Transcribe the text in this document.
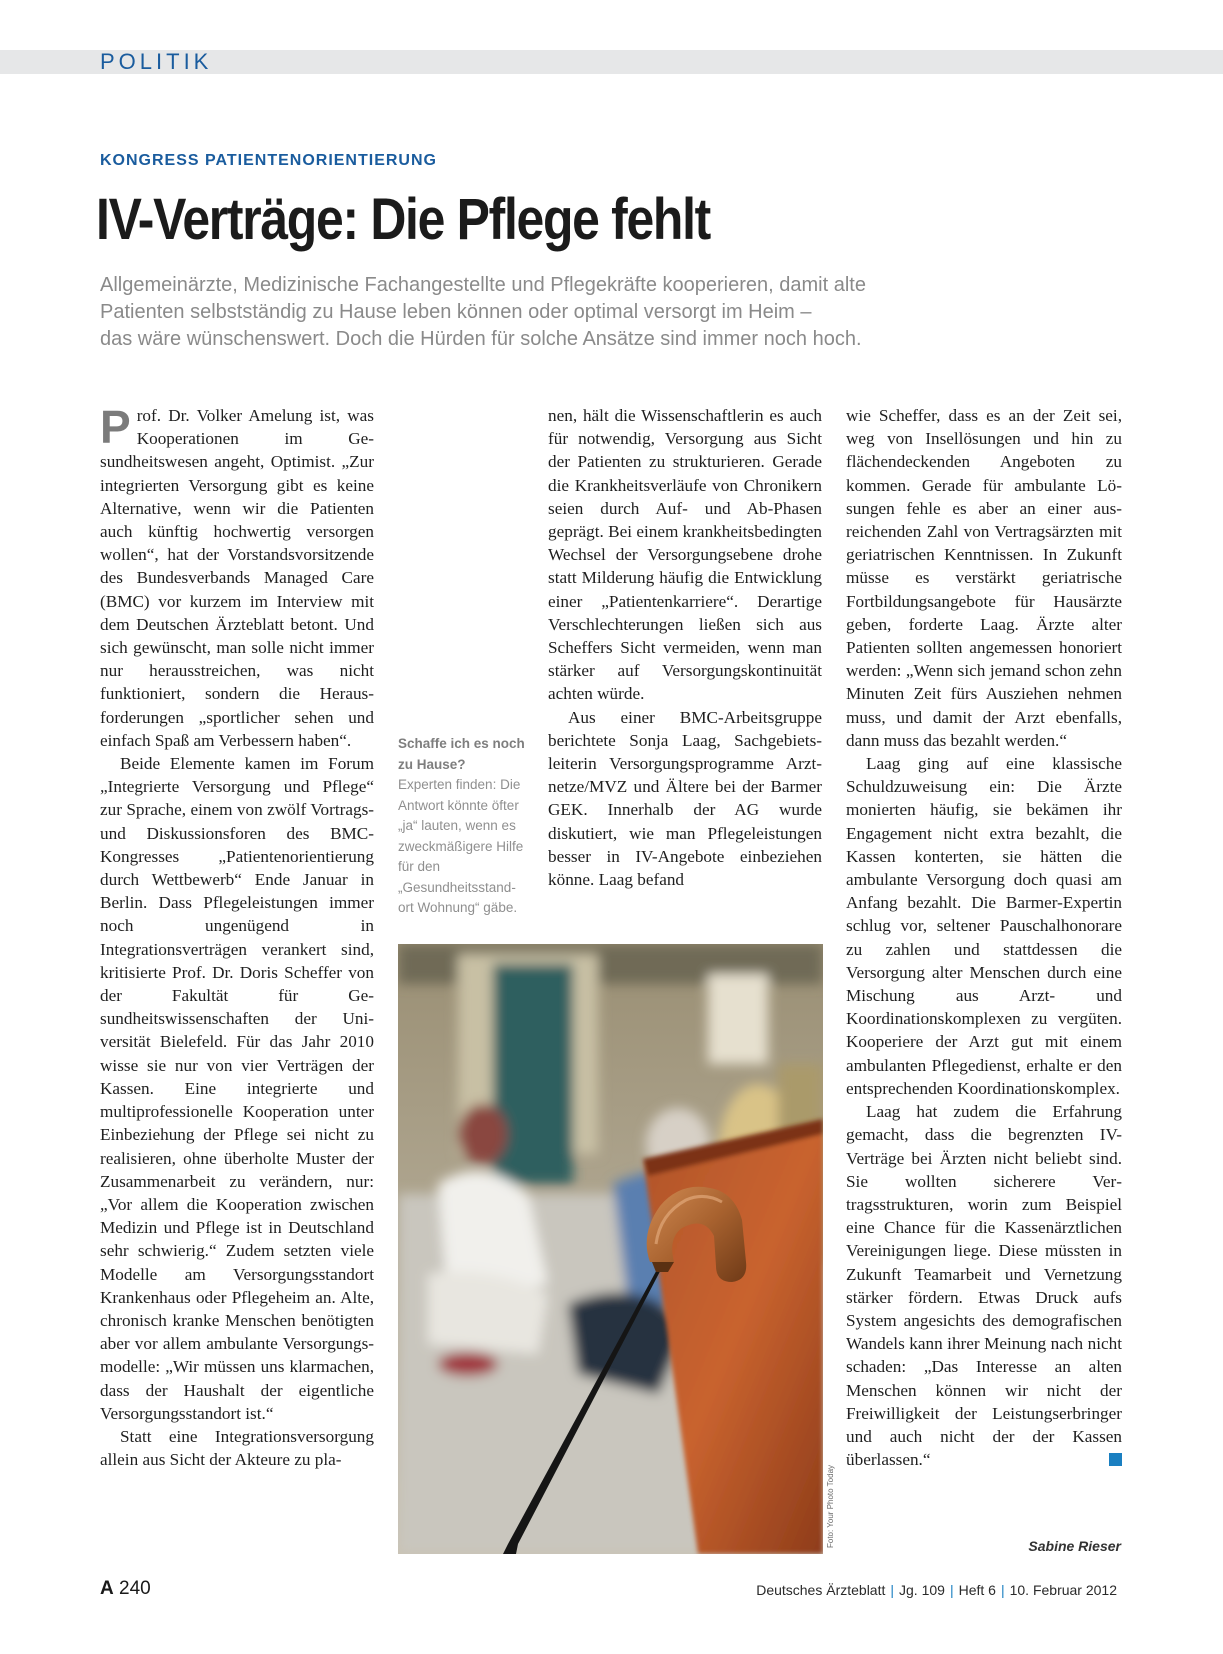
POLITIK
KONGRESS PATIENTENORIENTIERUNG
IV-Verträge: Die Pflege fehlt
Allgemeinärzte, Medizinische Fachangestellte und Pflegekräfte kooperieren, damit alte
Patienten selbstständig zu Hause leben können oder optimal versorgt im Heim –
das wäre wünschenswert. Doch die Hürden für solche Ansätze sind immer noch hoch.

Prof. Dr. Volker Amelung ist, was Kooperationen im Gesundheitswesen angeht, Optimist. „Zur integrierten Versorgung gibt es keine Alternative, wenn wir die Patienten auch künftig hochwertig versorgen wollen“, hat der Vorstandsvorsitzende des Bundesverbands Managed Care (BMC) vor kurzem im Interview mit dem Deutschen Ärzteblatt betont. Und sich gewünscht, man solle nicht immer nur herausstreichen, was nicht funktioniert, sondern die Herausforderungen „sportlicher sehen und einfach Spaß am Verbessern haben“.

Beide Elemente kamen im Forum „Integrierte Versorgung und Pflege“ zur Sprache, einem von zwölf Vortrags- und Diskussionsforen des BMC-Kongresses „Patientenorientierung durch Wettbewerb“ Ende Januar in Berlin. Dass Pflegeleistungen immer noch ungenügend in Integrationsverträgen verankert sind, kritisierte Prof. Dr. Doris Scheffer von der Fakultät für Gesundheitswissenschaften der Universität Bielefeld. Für das Jahr 2010 wisse sie nur von vier Verträgen der Kassen. Eine integrierte und multiprofessionelle Kooperation unter Einbeziehung der Pflege sei nicht zu realisieren, ohne überholte Muster der Zusammenarbeit zu verändern, nur: „Vor allem die Kooperation zwischen Medizin und Pflege ist in Deutschland sehr schwierig.“ Zudem setzten viele Modelle am Versorgungsstandort Krankenhaus oder Pflegeheim an. Alte, chronisch kranke Menschen benötigten aber vor allem ambulante Versorgungsmodelle: „Wir müssen uns klarmachen, dass der Haushalt der eigentliche Versorgungsstandort ist.“

Statt eine Integrationsversorgung allein aus Sicht der Akteure zu pla-

nen, hält die Wissenschaftlerin es auch für notwendig, Versorgung aus Sicht der Patienten zu strukturieren. Gerade die Krankheitsverläufe von Chronikern seien durch Auf- und Ab-Phasen geprägt. Bei einem krankheitsbedingten Wechsel der Versorgungsebene drohe statt Milderung häufig die Entwicklung einer „Patientenkarriere“. Derartige Verschlechterungen ließen sich aus Scheffers Sicht vermeiden, wenn man stärker auf Versorgungskontinuität achten würde.

Aus einer BMC-Arbeitsgruppe berichtete Sonja Laag, Sachgebietsleiterin Versorgungsprogramme Arztnetze/MVZ und Ältere bei der Barmer GEK. Innerhalb der AG wurde diskutiert, wie man Pflegeleistungen besser in IV-Angebote einbeziehen könne. Laag befand

wie Scheffer, dass es an der Zeit sei, weg von Insellösungen und hin zu flächendeckenden Angeboten zu kommen. Gerade für ambulante Lösungen fehle es aber an einer ausreichenden Zahl von Vertragsärzten mit geriatrischen Kenntnissen. In Zukunft müsse es verstärkt geriatrische Fortbildungsangebote für Hausärzte geben, forderte Laag. Ärzte alter Patienten sollten angemessen honoriert werden: „Wenn sich jemand schon zehn Minuten Zeit fürs Ausziehen nehmen muss, und damit der Arzt ebenfalls, dann muss das bezahlt werden.“

Laag ging auf eine klassische Schuldzuweisung ein: Die Ärzte monierten häufig, sie bekämen ihr Engagement nicht extra bezahlt, die Kassen konterten, sie hätten die ambulante Versorgung doch quasi am Anfang bezahlt. Die Barmer-Expertin schlug vor, seltener Pauschalhonorare zu zahlen und stattdessen die Versorgung alter Menschen durch eine Mischung aus Arzt- und Koordinationskomplexen zu vergüten. Kooperiere der Arzt gut mit einem ambulanten Pflegedienst, erhalte er den entsprechenden Koordinationskomplex.

Laag hat zudem die Erfahrung gemacht, dass die begrenzten IV-Verträge bei Ärzten nicht beliebt sind. Sie wollten sicherere Vertragsstrukturen, worin zum Beispiel eine Chance für die Kassenärztlichen Vereinigungen liege. Diese müssten in Zukunft Teamarbeit und Vernetzung stärker fördern. Etwas Druck aufs System angesichts des demografischen Wandels kann ihrer Meinung nach nicht schaden: „Das Interesse an alten Menschen können wir nicht der Freiwilligkeit der Leistungserbringer und auch nicht der der Kassen überlassen.“

Schaffe ich es noch zu Hause?
Experten finden: Die Antwort könnte öfter „ja“ lauten, wenn es zweckmäßigere Hilfe für den „Gesundheitsstandort Wohnung“ gäbe.
Foto: Your Photo Today	Sabine Rieser
A 240	Deutsches Ärzteblatt | Jg. 109 | Heft 6 | 10. Februar 2012
